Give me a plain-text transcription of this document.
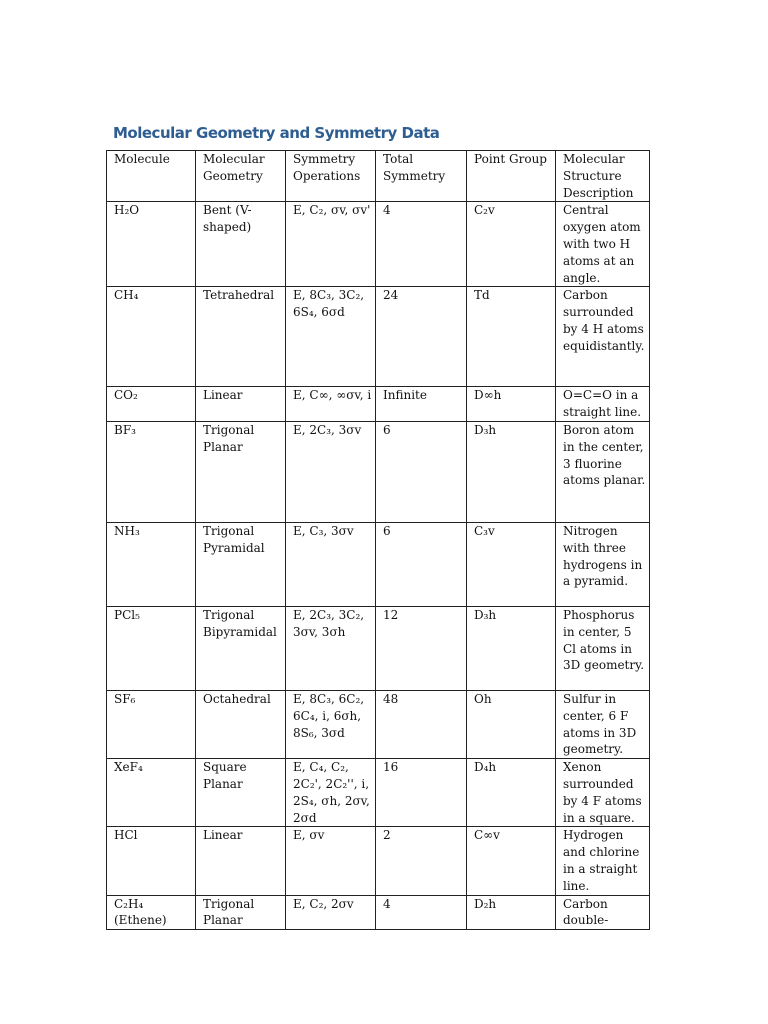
Molecular Geometry and Symmetry Data
Molecule	Molecular Geometry	Symmetry Operations	Total Symmetry	Point Group	Molecular Structure Description
H₂O	Bent (V-shaped)	E, C₂, σv, σv'	4	C₂v	Central oxygen atom with two H atoms at an angle.
CH₄	Tetrahedral	E, 8C₃, 3C₂, 6S₄, 6σd	24	Td	Carbon surrounded by 4 H atoms equidistantly.
CO₂	Linear	E, C∞, ∞σv, i	Infinite	D∞h	O=C=O in a straight line.
BF₃	Trigonal Planar	E, 2C₃, 3σv	6	D₃h	Boron atom in the center, 3 fluorine atoms planar.
NH₃	Trigonal Pyramidal	E, C₃, 3σv	6	C₃v	Nitrogen with three hydrogens in a pyramid.
PCl₅	Trigonal Bipyramidal	E, 2C₃, 3C₂, 3σv, 3σh	12	D₃h	Phosphorus in center, 5 Cl atoms in 3D geometry.
SF₆	Octahedral	E, 8C₃, 6C₂, 6C₄, i, 6σh, 8S₆, 3σd	48	Oh	Sulfur in center, 6 F atoms in 3D geometry.
XeF₄	Square Planar	E, C₄, C₂, 2C₂', 2C₂'', i, 2S₄, σh, 2σv, 2σd	16	D₄h	Xenon surrounded by 4 F atoms in a square.
HCl	Linear	E, σv	2	C∞v	Hydrogen and chlorine in a straight line.
C₂H₄ (Ethene)	Trigonal Planar	E, C₂, 2σv	4	D₂h	Carbon double-
